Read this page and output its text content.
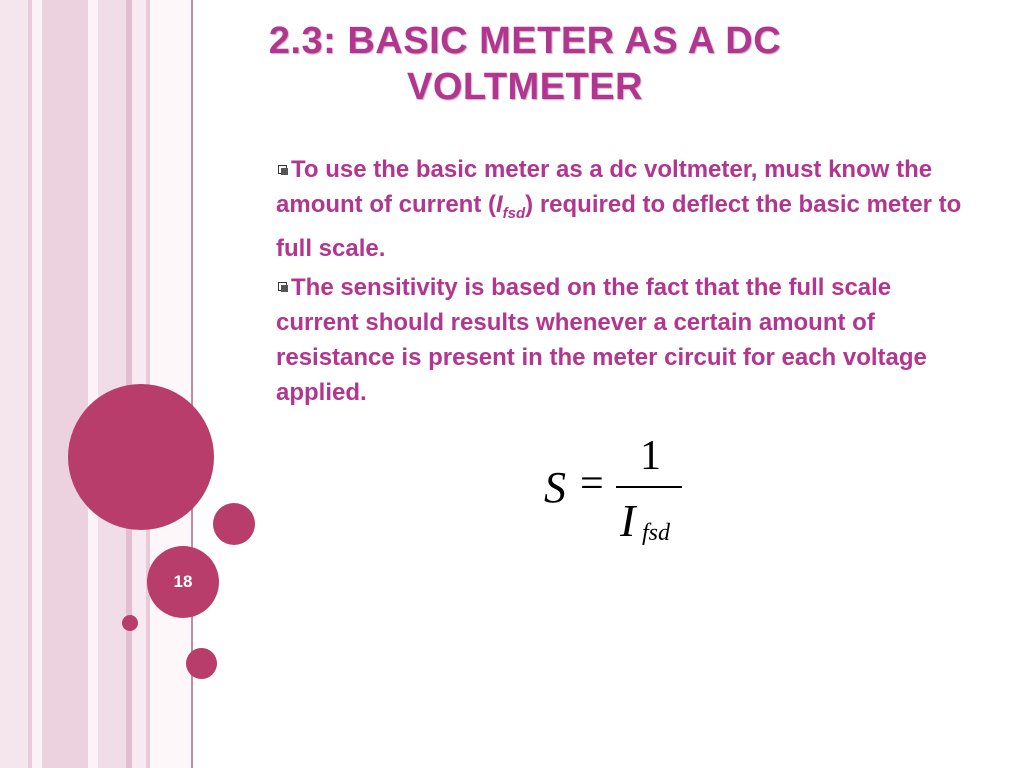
18
2.3: BASIC METER AS A DC VOLTMETER

To use the basic meter as a dc voltmeter, must know the amount of current $(I_{fsd})$ required to deflect the basic meter to full scale.

The sensitivity is based on the fact that the full scale current should results whenever a certain amount of resistance is present in the meter circuit for each voltage applied.

S =
1
I fsd
